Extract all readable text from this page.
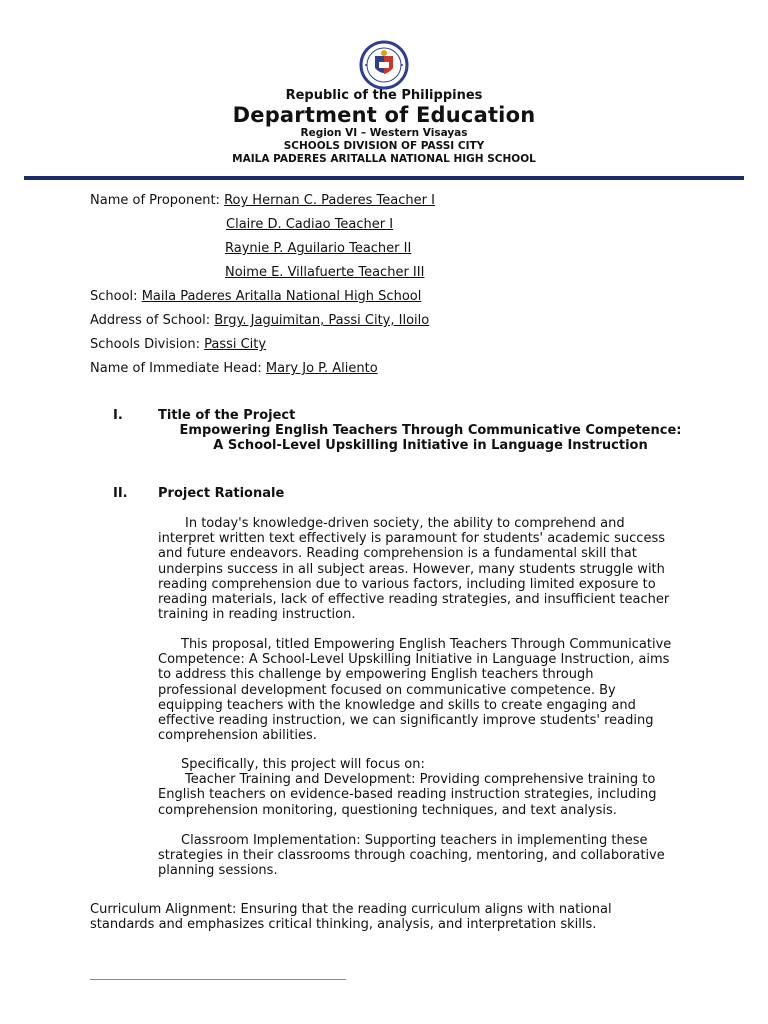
Republic of the Philippines
Department of Education
Region VI – Western Visayas
SCHOOLS DIVISION OF PASSI CITY
MAILA PADERES ARITALLA NATIONAL HIGH SCHOOL
Name of Proponent: Roy Hernan C. Paderes Teacher I
Claire D. Cadiao Teacher I
Raynie P. Aguilario Teacher II
Noime E. Villafuerte Teacher III
School: Maila Paderes Aritalla National High School
Address of School: Brgy. Jaguimitan, Passi City, Iloilo
Schools Division: Passi City
Name of Immediate Head: Mary Jo P. Aliento
I.	Title of the Project
Empowering English Teachers Through Communicative Competence:
A School-Level Upskilling Initiative in Language Instruction
II. Project Rationale
In today's knowledge-driven society, the ability to comprehend and
interpret written text effectively is paramount for students' academic success
and future endeavors. Reading comprehension is a fundamental skill that
underpins success in all subject areas. However, many students struggle with
reading comprehension due to various factors, including limited exposure to
reading materials, lack of effective reading strategies, and insufficient teacher
training in reading instruction.
This proposal, titled Empowering English Teachers Through Communicative
Competence: A School-Level Upskilling Initiative in Language Instruction, aims
to address this challenge by empowering English teachers through
professional development focused on communicative competence. By
equipping teachers with the knowledge and skills to create engaging and
effective reading instruction, we can significantly improve students' reading
comprehension abilities.
Specifically, this project will focus on:
Teacher Training and Development: Providing comprehensive training to
English teachers on evidence-based reading instruction strategies, including
comprehension monitoring, questioning techniques, and text analysis.
Classroom Implementation: Supporting teachers in implementing these
strategies in their classrooms through coaching, mentoring, and collaborative
planning sessions.
Curriculum Alignment: Ensuring that the reading curriculum aligns with national
standards and emphasizes critical thinking, analysis, and interpretation skills.
